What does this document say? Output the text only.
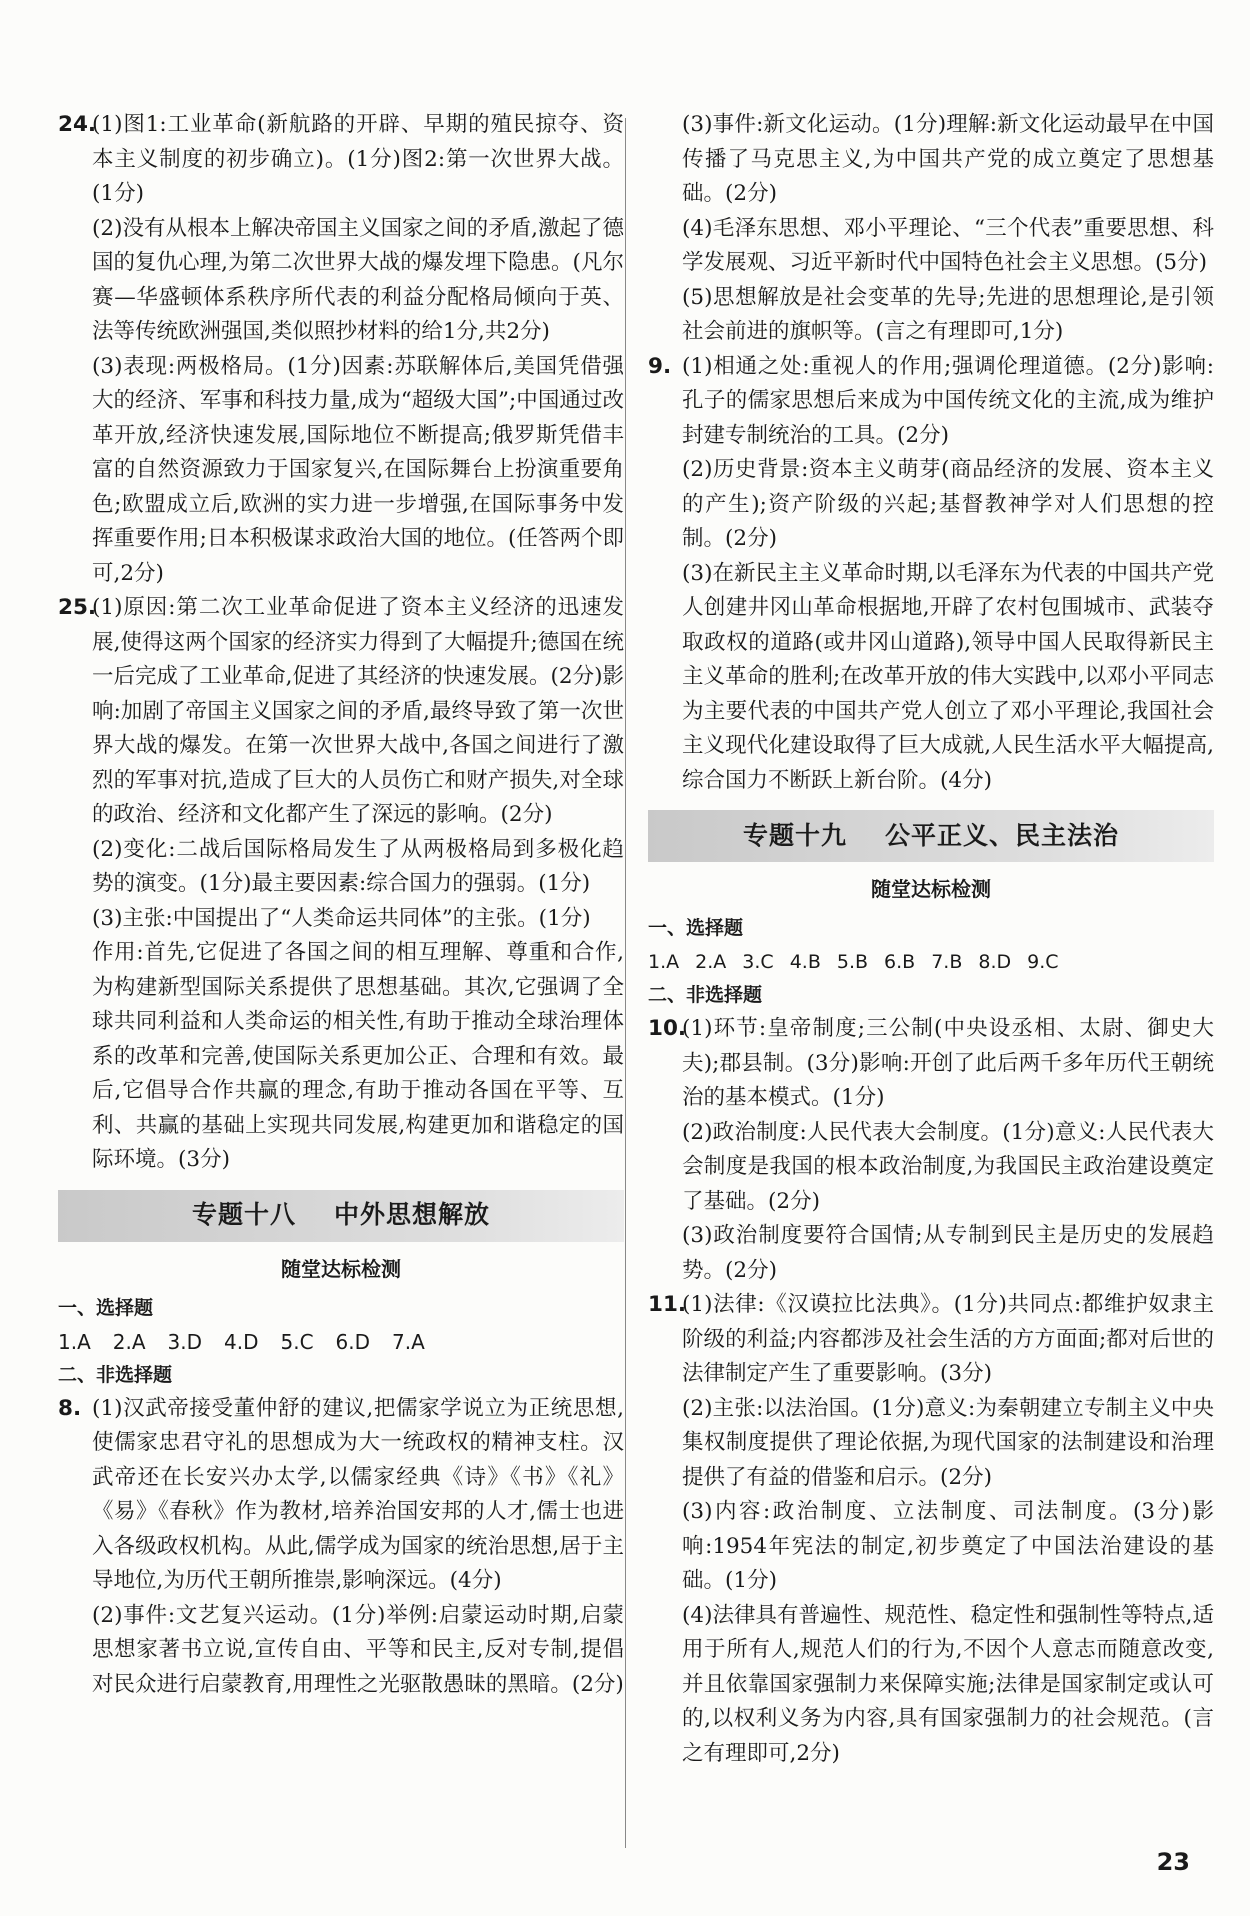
24.(1)图1:工业革命(新航路的开辟、早期的殖民掠夺、资本主义制度的初步确立)。(1分)图2:第一次世界大战。(1分)

(2)没有从根本上解决帝国主义国家之间的矛盾,激起了德国的复仇心理,为第二次世界大战的爆发埋下隐患。(凡尔赛—华盛顿体系秩序所代表的利益分配格局倾向于英、法等传统欧洲强国,类似照抄材料的给1分,共2分)

(3)表现:两极格局。(1分)因素:苏联解体后,美国凭借强大的经济、军事和科技力量,成为“超级大国”;中国通过改革开放,经济快速发展,国际地位不断提高;俄罗斯凭借丰富的自然资源致力于国家复兴,在国际舞台上扮演重要角色;欧盟成立后,欧洲的实力进一步增强,在国际事务中发挥重要作用;日本积极谋求政治大国的地位。(任答两个即可,2分)

25.(1)原因:第二次工业革命促进了资本主义经济的迅速发展,使得这两个国家的经济实力得到了大幅提升;德国在统一后完成了工业革命,促进了其经济的快速发展。(2分)影响:加剧了帝国主义国家之间的矛盾,最终导致了第一次世界大战的爆发。在第一次世界大战中,各国之间进行了激烈的军事对抗,造成了巨大的人员伤亡和财产损失,对全球的政治、经济和文化都产生了深远的影响。(2分)

(2)变化:二战后国际格局发生了从两极格局到多极化趋势的演变。(1分)最主要因素:综合国力的强弱。(1分)

(3)主张:中国提出了“人类命运共同体”的主张。(1分)

作用:首先,它促进了各国之间的相互理解、尊重和合作,为构建新型国际关系提供了思想基础。其次,它强调了全球共同利益和人类命运的相关性,有助于推动全球治理体系的改革和完善,使国际关系更加公正、合理和有效。最后,它倡导合作共赢的理念,有助于推动各国在平等、互利、共赢的基础上实现共同发展,构建更加和谐稳定的国际环境。(3分)

专题十八 中外思想解放
随堂达标检测
一、选择题
1.A 2.A 3.D 4.D 5.C 6.D 7.A
二、非选择题

8. (1)汉武帝接受董仲舒的建议,把儒家学说立为正统思想,使儒家忠君守礼的思想成为大一统政权的精神支柱。汉武帝还在长安兴办太学,以儒家经典《诗》《书》《礼》《易》《春秋》作为教材,培养治国安邦的人才,儒士也进入各级政权机构。从此,儒学成为国家的统治思想,居于主导地位,为历代王朝所推崇,影响深远。(4分)

(2)事件:文艺复兴运动。(1分)举例:启蒙运动时期,启蒙思想家著书立说,宣传自由、平等和民主,反对专制,提倡对民众进行启蒙教育,用理性之光驱散愚昧的黑暗。(2分)

(3)事件:新文化运动。(1分)理解:新文化运动最早在中国传播了马克思主义,为中国共产党的成立奠定了思想基础。(2分)

(4)毛泽东思想、邓小平理论、“三个代表”重要思想、科学发展观、习近平新时代中国特色社会主义思想。(5分)

(5)思想解放是社会变革的先导;先进的思想理论,是引领社会前进的旗帜等。(言之有理即可,1分)

9. (1)相通之处:重视人的作用;强调伦理道德。(2分)影响:孔子的儒家思想后来成为中国传统文化的主流,成为维护封建专制统治的工具。(2分)

(2)历史背景:资本主义萌芽(商品经济的发展、资本主义的产生);资产阶级的兴起;基督教神学对人们思想的控制。(2分)

(3)在新民主主义革命时期,以毛泽东为代表的中国共产党人创建井冈山革命根据地,开辟了农村包围城市、武装夺取政权的道路(或井冈山道路),领导中国人民取得新民主主义革命的胜利;在改革开放的伟大实践中,以邓小平同志为主要代表的中国共产党人创立了邓小平理论,我国社会主义现代化建设取得了巨大成就,人民生活水平大幅提高,综合国力不断跃上新台阶。(4分)

专题十九 公平正义、民主法治
随堂达标检测
一、选择题
1.A 2.A 3.C 4.B 5.B 6.B 7.B 8.D 9.C
二、非选择题

10.(1)环节:皇帝制度;三公制(中央设丞相、太尉、御史大夫);郡县制。(3分)影响:开创了此后两千多年历代王朝统治的基本模式。(1分)

(2)政治制度:人民代表大会制度。(1分)意义:人民代表大会制度是我国的根本政治制度,为我国民主政治建设奠定了基础。(2分)

(3)政治制度要符合国情;从专制到民主是历史的发展趋势。(2分)

11.(1)法律:《汉谟拉比法典》。(1分)共同点:都维护奴隶主阶级的利益;内容都涉及社会生活的方方面面;都对后世的法律制定产生了重要影响。(3分)

(2)主张:以法治国。(1分)意义:为秦朝建立专制主义中央集权制度提供了理论依据,为现代国家的法制建设和治理提供了有益的借鉴和启示。(2分)

(3)内容:政治制度、立法制度、司法制度。(3分)影响:1954年宪法的制定,初步奠定了中国法治建设的基础。(1分)

(4)法律具有普遍性、规范性、稳定性和强制性等特点,适用于所有人,规范人们的行为,不因个人意志而随意改变,并且依靠国家强制力来保障实施;法律是国家制定或认可的,以权利义务为内容,具有国家强制力的社会规范。(言之有理即可,2分)

23
